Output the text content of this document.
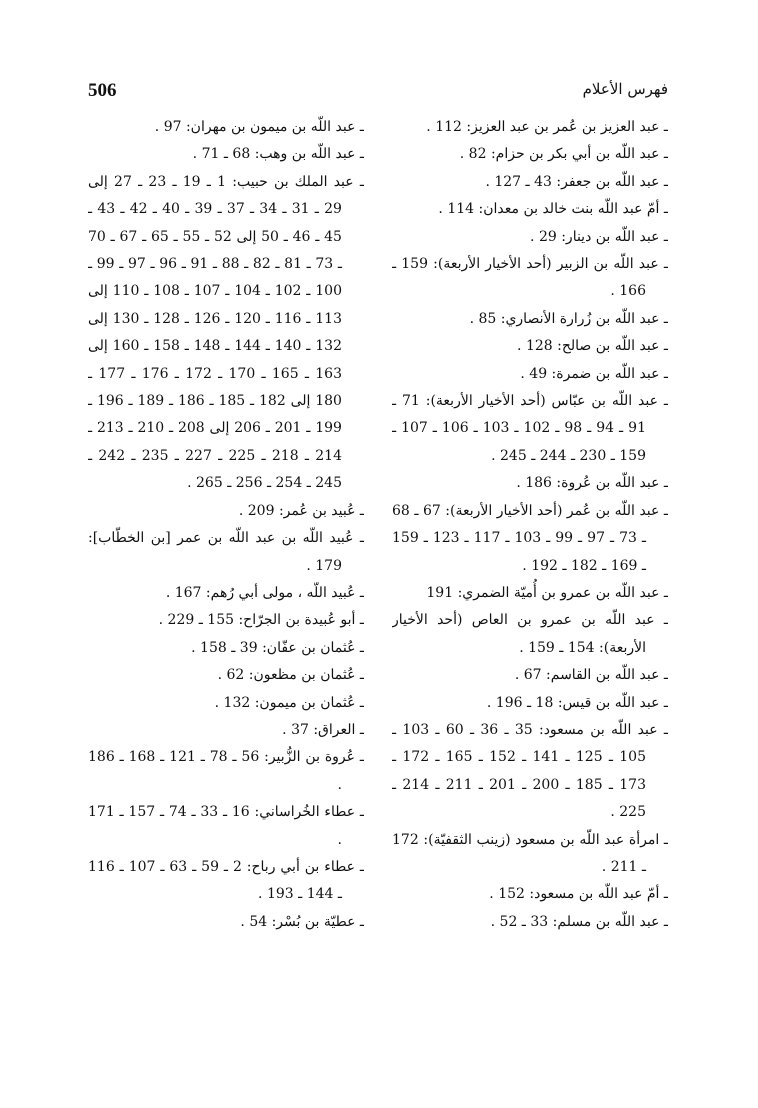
506	فهرس الأعلام
ـ عبد العزيز بن عُمر بن عبد العزيز: 112 .
ـ عبد اللّه بن أبي بكر بن حزام: 82 .
ـ عبد اللّه بن جعفر: 43 ـ 127 .
ـ أمّ عبد اللّه بنت خالد بن معدان: 114 .
ـ عبد اللّه بن دينار: 29 .
ـ عبد اللّه بن الزبير (أحد الأخيار الأربعة): 159 ـ 166 .
ـ عبد اللّه بن زُرارة الأنصاري: 85 .
ـ عبد اللّه بن صالح: 128 .
ـ عبد اللّه بن ضمرة: 49 .
ـ عبد اللّه بن عبّاس (أحد الأخيار الأربعة): 71 ـ 91 ـ 94 ـ 98 ـ 102 ـ 103 ـ 106 ـ 107 ـ 159 ـ 230 ـ 244 ـ 245 .
ـ عبد اللّه بن عُروة: 186 .
ـ عبد اللّه بن عُمر (أحد الأخيار الأربعة): 67 ـ 68 ـ 73 ـ 97 ـ 99 ـ 103 ـ 117 ـ 123 ـ 159 ـ 169 ـ 182 ـ 192 .
ـ عبد اللّه بن عمرو بن أُميّة الضمري: 191
ـ عبد اللّه بن عمرو بن العاص (أحد الأخيار الأربعة): 154 ـ 159 .
ـ عبد اللّه بن القاسم: 67 .
ـ عبد اللّه بن قيس: 18 ـ 196 .
ـ عبد اللّه بن مسعود: 35 ـ 36 ـ 60 ـ 103 ـ 105 ـ 125 ـ 141 ـ 152 ـ 165 ـ 172 ـ 173 ـ 185 ـ 200 ـ 201 ـ 211 ـ 214 ـ 225 .
ـ امرأة عبد اللّه بن مسعود (زينب الثقفيّة): 172 ـ 211 .
ـ أمّ عبد اللّه بن مسعود: 152 .
ـ عبد اللّه بن مسلم: 33 ـ 52 .
ـ عبد اللّه بن ميمون بن مهران: 97 .
ـ عبد اللّه بن وهب: 68 ـ 71 .
ـ عبد الملك بن حبيب: 1 ـ 19 ـ 23 ـ 27 إلى 29 ـ 31 ـ 34 ـ 37 ـ 39 ـ 40 ـ 42 ـ 43 ـ 45 ـ 46 ـ 50 إلى 52 ـ 55 ـ 65 ـ 67 ـ 70 ـ 73 ـ 81 ـ 82 ـ 88 ـ 91 ـ 96 ـ 97 ـ 99 ـ 100 ـ 102 ـ 104 ـ 107 ـ 108 ـ 110 إلى 113 ـ 116 ـ 120 ـ 126 ـ 128 ـ 130 إلى 132 ـ 140 ـ 144 ـ 148 ـ 158 ـ 160 إلى 163 ـ 165 ـ 170 ـ 172 ـ 176 ـ 177 ـ 180 إلى 182 ـ 185 ـ 186 ـ 189 ـ 196 ـ 199 ـ 201 ـ 206 إلى 208 ـ 210 ـ 213 ـ 214 ـ 218 ـ 225 ـ 227 ـ 235 ـ 242 ـ 245 ـ 254 ـ 256 ـ 265 .
ـ عُبيد بن عُمر: 209 .
ـ عُبيد اللّه بن عبد اللّه بن عمر [بن الخطّاب]: 179 .
ـ عُبيد اللّه ، مولى أبي رُهم: 167 .
ـ أبو عُبيدة بن الجرّاح: 155 ـ 229 .
ـ عُثمان بن عفّان: 39 ـ 158 .
ـ عُثمان بن مظعون: 62 .
ـ عُثمان بن ميمون: 132 .
ـ العراق: 37 .
ـ عُروة بن الزُّبير: 56 ـ 78 ـ 121 ـ 168 ـ 186 .
ـ عطاء الخُراساني: 16 ـ 33 ـ 74 ـ 157 ـ 171 .
ـ عطاء بن أبي رباح: 2 ـ 59 ـ 63 ـ 107 ـ 116 ـ 144 ـ 193 .
ـ عطيّة بن بُسْر: 54 .
